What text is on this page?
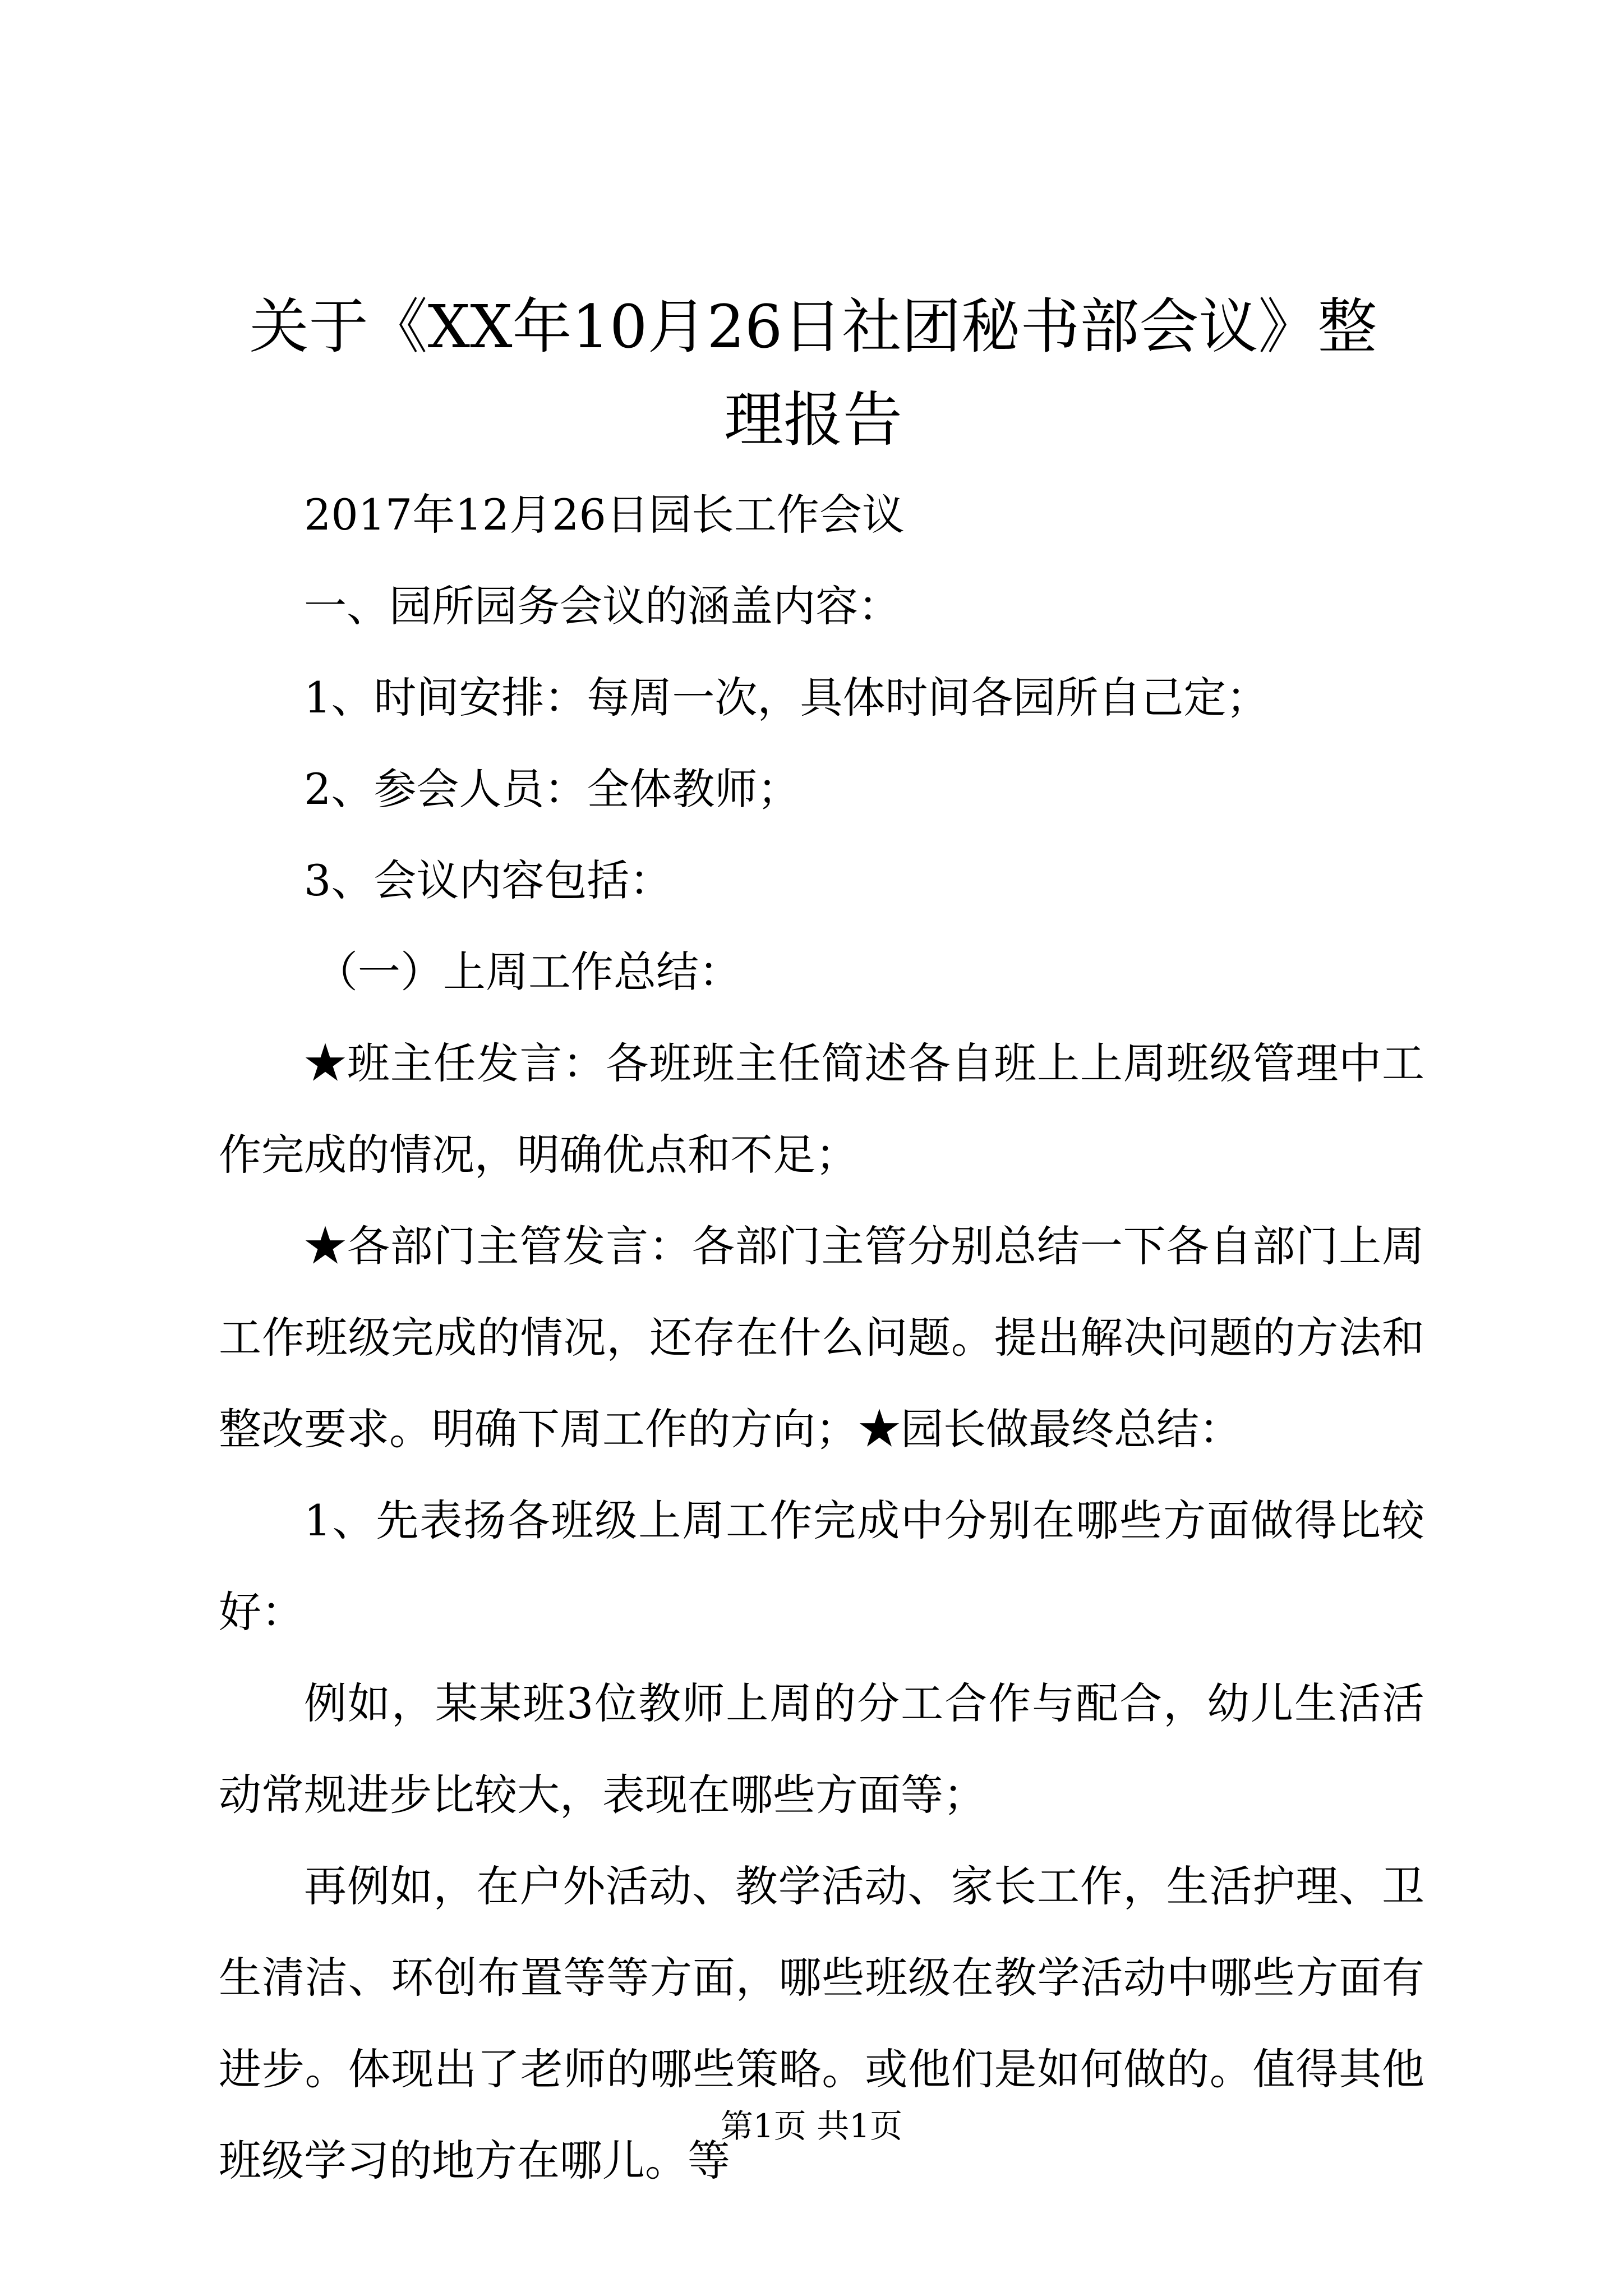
关于《XX年10月26日社团秘书部会议》整
理报告

2017年12月26日园长工作会议

一、园所园务会议的涵盖内容：

1、时间安排：每周一次，具体时间各园所自己定；

2、参会人员：全体教师；

3、会议内容包括：

（一）上周工作总结：

★班主任发言：各班班主任简述各自班上上周班级管理中工作完成的情况，明确优点和不足；

★各部门主管发言：各部门主管分别总结一下各自部门上周工作班级完成的情况，还存在什么问题。提出解决问题的方法和整改要求。明确下周工作的方向；★园长做最终总结：

1、先表扬各班级上周工作完成中分别在哪些方面做得比较好：

例如，某某班3位教师上周的分工合作与配合，幼儿生活活动常规进步比较大，表现在哪些方面等；

再例如，在户外活动、教学活动、家长工作，生活护理、卫生清洁、环创布置等等方面，哪些班级在教学活动中哪些方面有进步。体现出了老师的哪些策略。或他们是如何做的。值得其他班级学习的地方在哪儿。等

第1页 共1页
